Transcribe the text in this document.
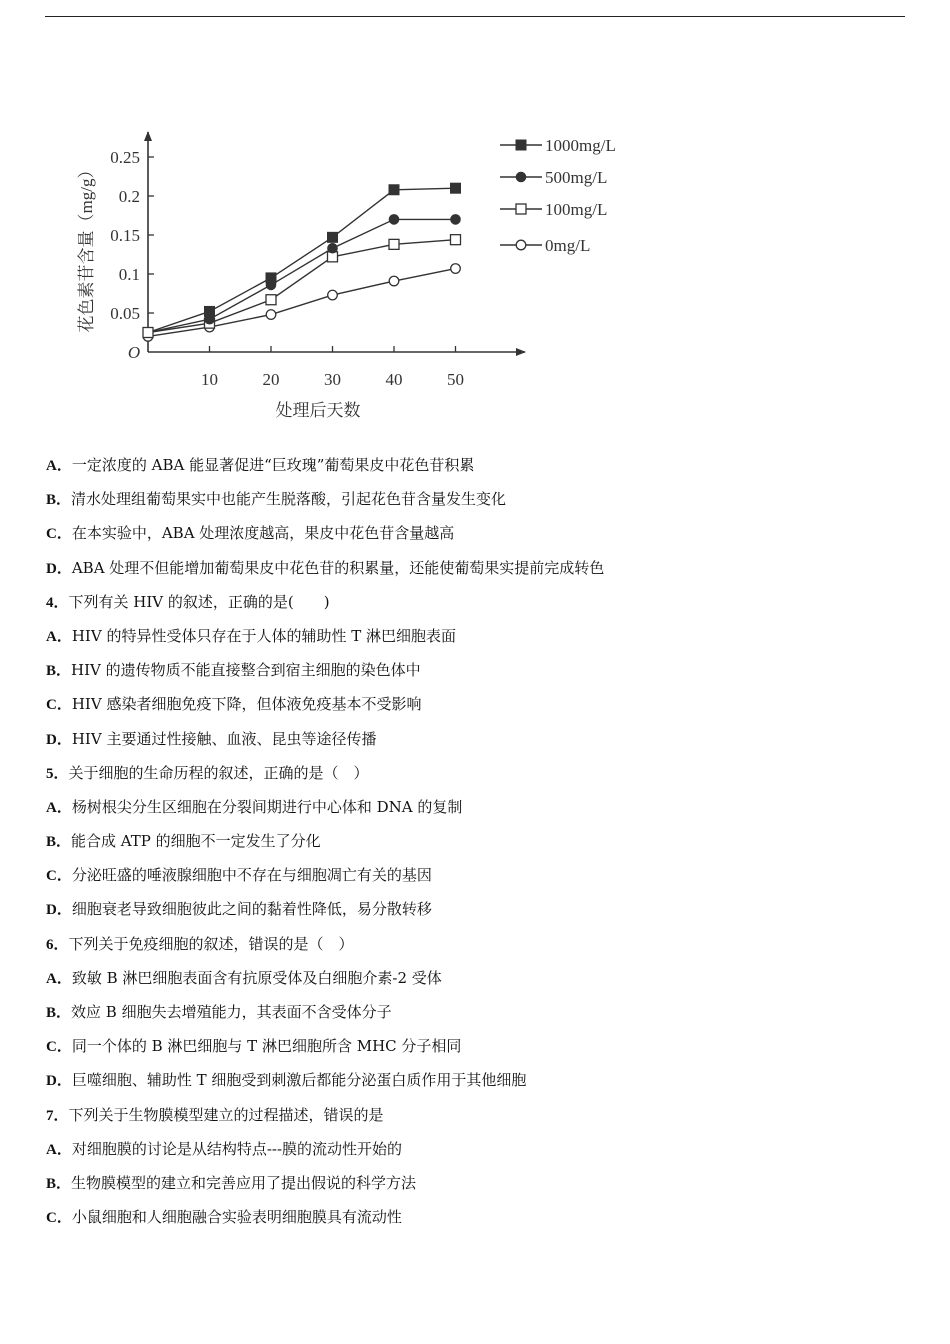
0.05
0.1
0.15
0.2
0.25
10	20	30	40	50
O
处理后天数
花色素苷含量（mg/g）
1000mg/L
500mg/L
100mg/L
0mg/L
A．一定浓度的 ABA 能显著促进“巨玫瑰”葡萄果皮中花色苷积累
B．清水处理组葡萄果实中也能产生脱落酸，引起花色苷含量发生变化
C．在本实验中，ABA 处理浓度越高，果皮中花色苷含量越高
D．ABA 处理不但能增加葡萄果皮中花色苷的积累量，还能使葡萄果实提前完成转色
4．下列有关 HIV 的叙述，正确的是(　　)
A．HIV 的特异性受体只存在于人体的辅助性 T 淋巴细胞表面
B．HIV 的遗传物质不能直接整合到宿主细胞的染色体中
C．HIV 感染者细胞免疫下降，但体液免疫基本不受影响
D．HIV 主要通过性接触、血液、昆虫等途径传播
5．关于细胞的生命历程的叙述，正确的是（　）
A．杨树根尖分生区细胞在分裂间期进行中心体和 DNA 的复制
B．能合成 ATP 的细胞不一定发生了分化
C．分泌旺盛的唾液腺细胞中不存在与细胞凋亡有关的基因
D．细胞衰老导致细胞彼此之间的黏着性降低，易分散转移
6．下列关于免疫细胞的叙述，错误的是（　）
A．致敏 B 淋巴细胞表面含有抗原受体及白细胞介素-2 受体
B．效应 B 细胞失去增殖能力，其表面不含受体分子
C．同一个体的 B 淋巴细胞与 T 淋巴细胞所含 MHC 分子相同
D．巨噬细胞、辅助性 T 细胞受到刺激后都能分泌蛋白质作用于其他细胞
7．下列关于生物膜模型建立的过程描述，错误的是
A．对细胞膜的讨论是从结构特点---膜的流动性开始的
B．生物膜模型的建立和完善应用了提出假说的科学方法
C．小鼠细胞和人细胞融合实验表明细胞膜具有流动性
